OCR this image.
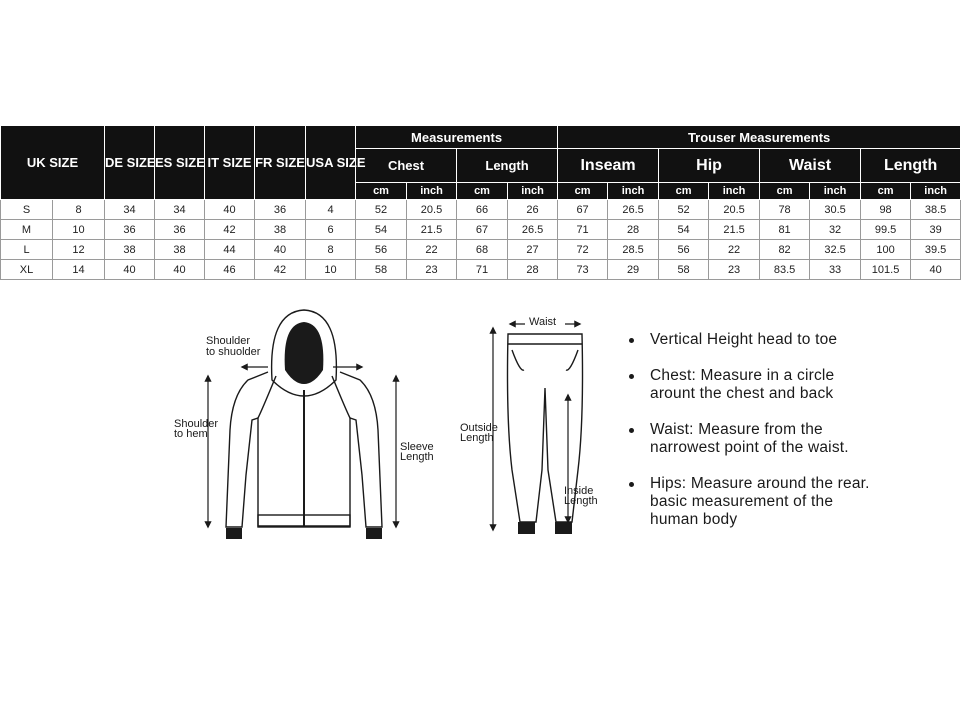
UK SIZE		DE SIZE	ES SIZE	IT SIZE	FR SIZE	USA SIZE	Measurements				Trouser Measurements							
							Chest		Length		Inseam		Hip		Waist		Length	
							cm	inch	cm	inch	cm	inch	cm	inch	cm	inch	cm	inch
S	8	34	34	40	36	4	52	20.5	66	26	67	26.5	52	20.5	78	30.5	98	38.5
M	10	36	36	42	38	6	54	21.5	67	26.5	71	28	54	21.5	81	32	99.5	39
L	12	38	38	44	40	8	56	22	68	27	72	28.5	56	22	82	32.5	100	39.5
XL	14	40	40	46	42	10	58	23	71	28	73	29	58	23	83.5	33	101.5	40
Shoulder
to shuolder
Shoulder
to hem
Sleeve
Length
Waist
Outside
Length
Inside
Length
Vertical Height head to toe
Chest: Measure in a circle
arount the chest and back
Waist: Measure from the
narrowest point of the waist.
Hips: Measure around the rear.
basic measurement of the
human body
